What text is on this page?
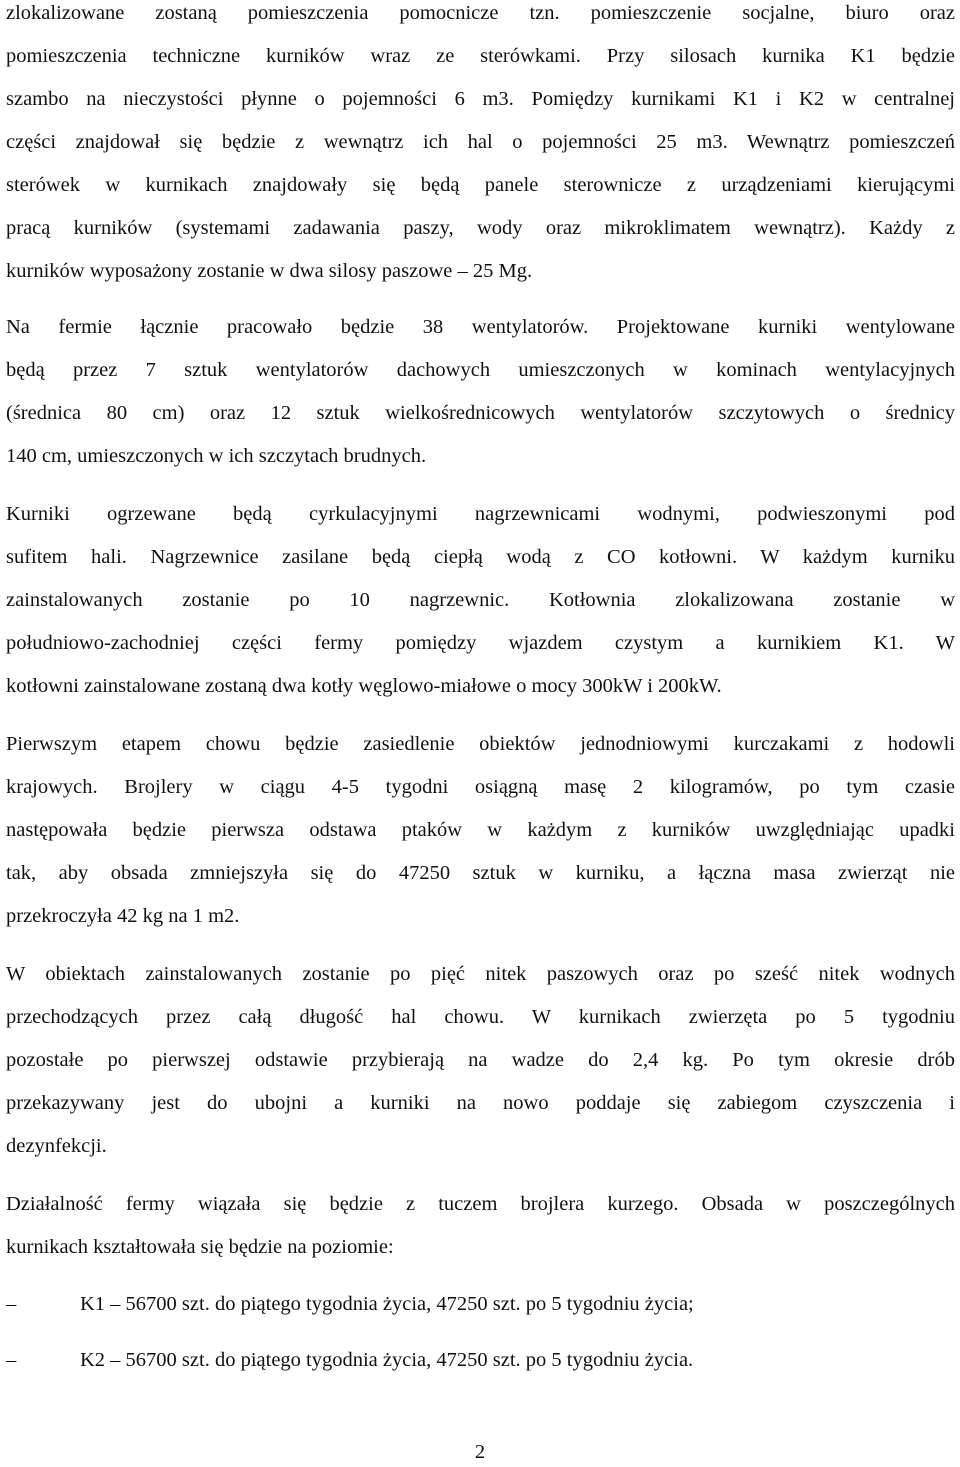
zlokalizowane zostaną pomieszczenia pomocnicze tzn. pomieszczenie socjalne, biuro oraz
pomieszczenia techniczne kurników wraz ze sterówkami. Przy silosach kurnika K1 będzie
szambo na nieczystości płynne o pojemności 6 m3. Pomiędzy kurnikami K1 i K2 w centralnej
części znajdował się będzie z wewnątrz ich hal o pojemności 25 m3. Wewnątrz pomieszczeń
sterówek w kurnikach znajdowały się będą panele sterownicze z urządzeniami kierującymi
pracą kurników (systemami zadawania paszy, wody oraz mikroklimatem wewnątrz). Każdy z
kurników wyposażony zostanie w dwa silosy paszowe – 25 Mg.
Na fermie łącznie pracowało będzie 38 wentylatorów. Projektowane kurniki wentylowane
będą przez 7 sztuk wentylatorów dachowych umieszczonych w kominach wentylacyjnych
(średnica 80 cm) oraz 12 sztuk wielkośrednicowych wentylatorów szczytowych o średnicy
140 cm, umieszczonych w ich szczytach brudnych.
Kurniki ogrzewane będą cyrkulacyjnymi nagrzewnicami wodnymi, podwieszonymi pod
sufitem hali. Nagrzewnice zasilane będą ciepłą wodą z CO kotłowni. W każdym kurniku
zainstalowanych zostanie po 10 nagrzewnic. Kotłownia zlokalizowana zostanie w
południowo-zachodniej części fermy pomiędzy wjazdem czystym a kurnikiem K1. W
kotłowni zainstalowane zostaną dwa kotły węglowo-miałowe o mocy 300kW i 200kW.
Pierwszym etapem chowu będzie zasiedlenie obiektów jednodniowymi kurczakami z hodowli
krajowych. Brojlery w ciągu 4-5 tygodni osiągną masę 2 kilogramów, po tym czasie
następowała będzie pierwsza odstawa ptaków w każdym z kurników uwzględniając upadki
tak, aby obsada zmniejszyła się do 47250 sztuk w kurniku, a łączna masa zwierząt nie
przekroczyła 42 kg na 1 m2.
W obiektach zainstalowanych zostanie po pięć nitek paszowych oraz po sześć nitek wodnych
przechodzących przez całą długość hal chowu. W kurnikach zwierzęta po 5 tygodniu
pozostałe po pierwszej odstawie przybierają na wadze do 2,4 kg. Po tym okresie drób
przekazywany jest do ubojni a kurniki na nowo poddaje się zabiegom czyszczenia i
dezynfekcji.
Działalność fermy wiązała się będzie z tuczem brojlera kurzego. Obsada w poszczególnych
kurnikach kształtowała się będzie na poziomie:
–	K1 – 56700 szt. do piątego tygodnia życia, 47250 szt. po 5 tygodniu życia;
–	K2 – 56700 szt. do piątego tygodnia życia, 47250 szt. po 5 tygodniu życia.
2
